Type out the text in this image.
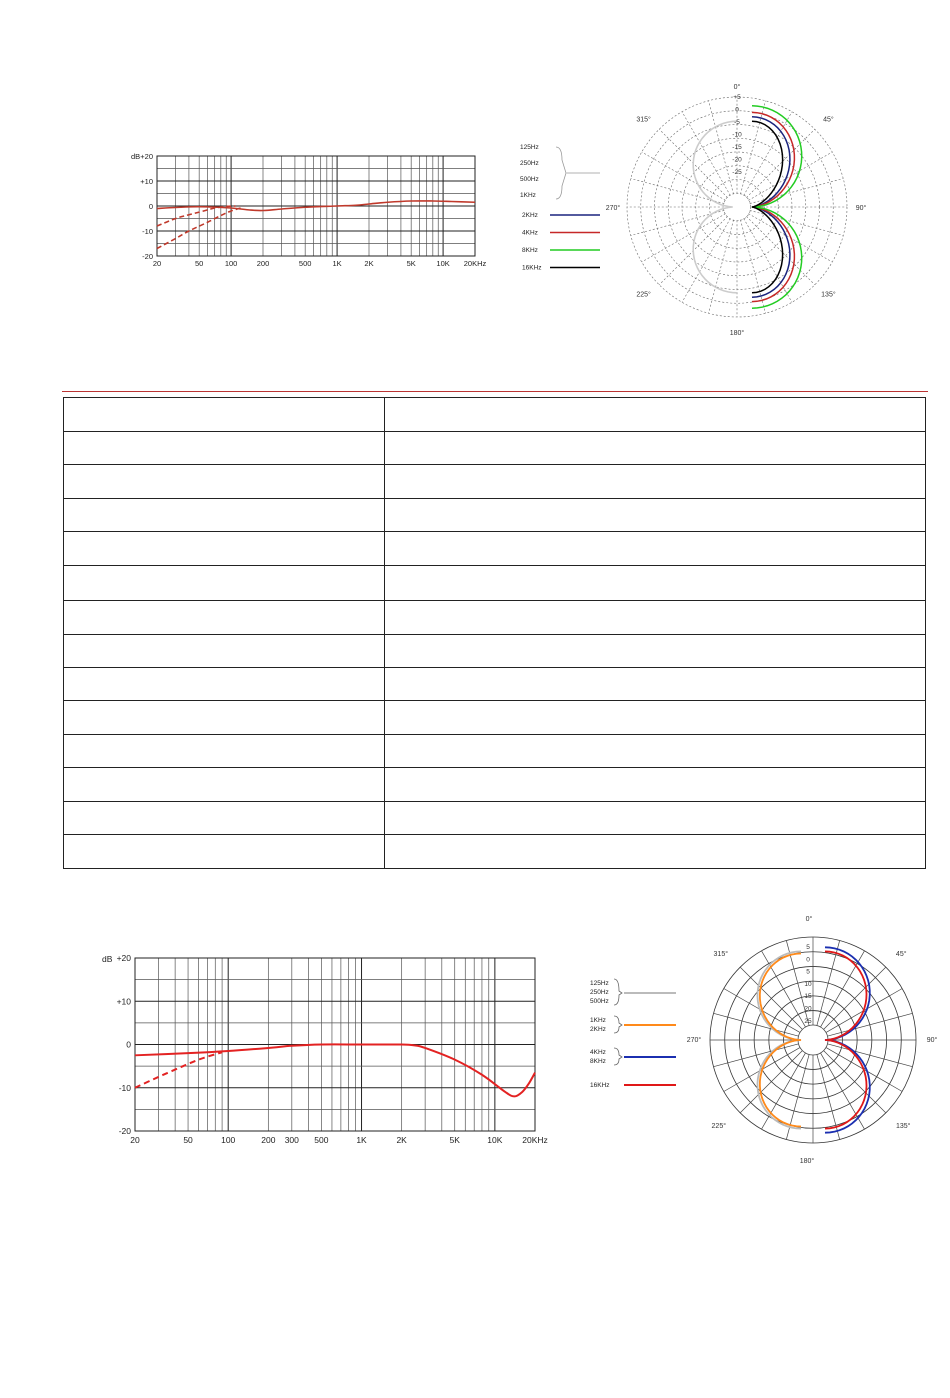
dB +20
+10
0
-10
-20
20	50	100	200	500	1K	2K	5K	10K 20KHz
125Hz
250Hz
500Hz
1KHz
2KHz
4KHz
8KHz
16KHz
0°
45°
90°
135°
180°
225°
270°
315°
+5
0
-5
-10
-15
-20
-25

dB +20
+10
0
-10
-20
20	50	100	200 300 500	1K	2K	5K	10K 20KHz
125Hz
250Hz
500Hz
1KHz
2KHz
4KHz
8KHz
16KHz
0°
45°
90°
135°
180°
225°
270°
315°
5
0
5
10
15
20
25
